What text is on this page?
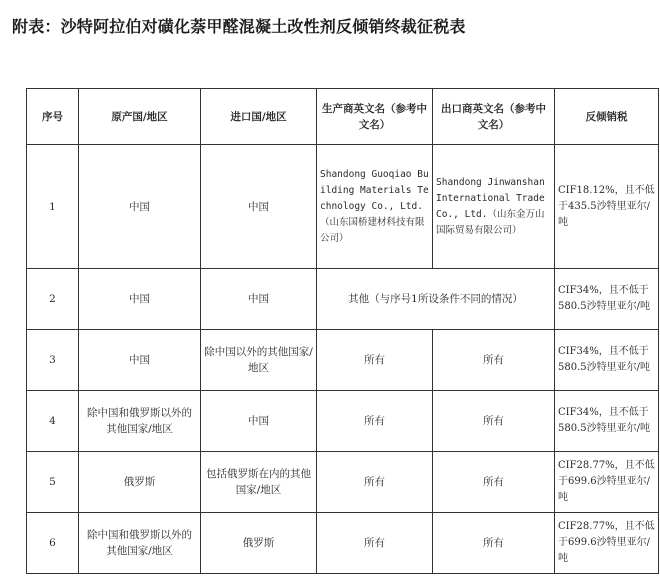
附表：沙特阿拉伯对磺化萘甲醛混凝土改性剂反倾销终裁征税表
序号	原产国/地区	进口国/地区	生产商英文名（参考中文名）	出口商英文名（参考中文名）	反倾销税
1	中国	中国	Shandong Guoqiao Building Materials Technology Co., Ltd.（山东国桥建材科技有限公司）	Shandong Jinwanshan International Trade Co., Ltd.（山东金万山国际贸易有限公司）	CIF18.12%，且不低于435.5沙特里亚尔/吨
2	中国	中国	其他（与序号1所设条件不同的情况）		CIF34%，且不低于580.5沙特里亚尔/吨
3	中国	除中国以外的其他国家/地区	所有	所有	CIF34%，且不低于580.5沙特里亚尔/吨
4	除中国和俄罗斯以外的其他国家/地区	中国	所有	所有	CIF34%，且不低于580.5沙特里亚尔/吨
5	俄罗斯	包括俄罗斯在内的其他国家/地区	所有	所有	CIF28.77%，且不低于699.6沙特里亚尔/吨
6	除中国和俄罗斯以外的其他国家/地区	俄罗斯	所有	所有	CIF28.77%，且不低于699.6沙特里亚尔/吨
